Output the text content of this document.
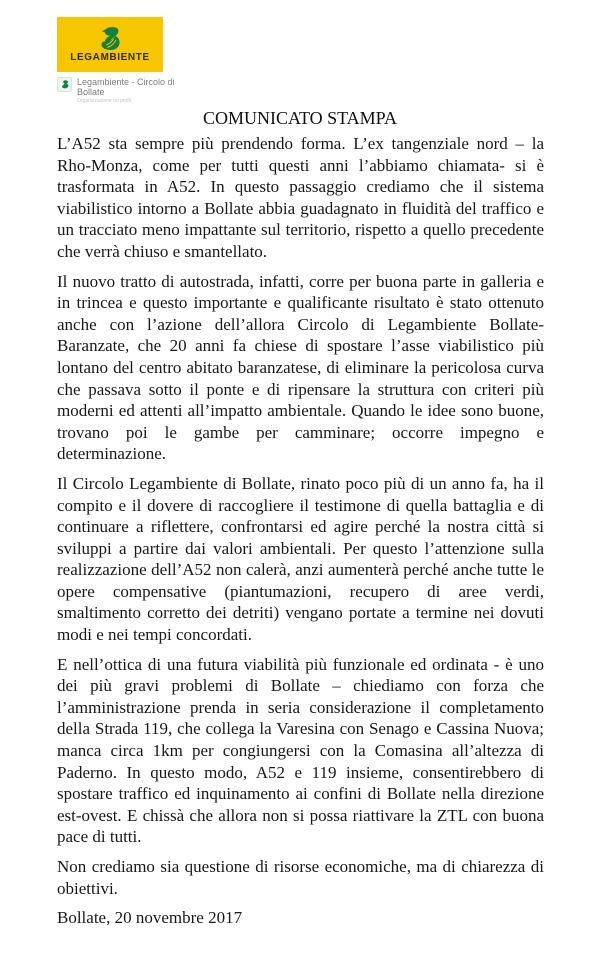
LEGAMBIENTE
Legambiente - Circolo di Bollate
Organizzazione no profit
COMUNICATO STAMPA

L’A52 sta sempre più prendendo forma. L’ex tangenziale nord – la Rho-Monza, come per tutti questi anni l’abbiamo chiamata- si è trasformata in A52. In questo passaggio crediamo che il sistema viabilistico intorno a Bollate abbia guadagnato in fluidità del traffico e un tracciato meno impattante sul territorio, rispetto a quello precedente che verrà chiuso e smantellato.

Il nuovo tratto di autostrada, infatti, corre per buona parte in galleria e in trincea e questo importante e qualificante risultato è stato ottenuto anche con l’azione dell’allora Circolo di Legambiente Bollate-Baranzate, che 20 anni fa chiese di spostare l’asse viabilistico più lontano del centro abitato baranzatese, di eliminare la pericolosa curva che passava sotto il ponte e di ripensare la struttura con criteri più moderni ed attenti all’impatto ambientale. Quando le idee sono buone, trovano poi le gambe per camminare; occorre impegno e determinazione.

Il Circolo Legambiente di Bollate, rinato poco più di un anno fa, ha il compito e il dovere di raccogliere il testimone di quella battaglia e di continuare a riflettere, confrontarsi ed agire perché la nostra città si sviluppi a partire dai valori ambientali. Per questo l’attenzione sulla realizzazione dell’A52 non calerà, anzi aumenterà perché anche tutte le opere compensative (piantumazioni, recupero di aree verdi, smaltimento corretto dei detriti) vengano portate a termine nei dovuti modi e nei tempi concordati.

E nell’ottica di una futura viabilità più funzionale ed ordinata - è uno dei più gravi problemi di Bollate – chiediamo con forza che l’amministrazione prenda in seria considerazione il completamento della Strada 119, che collega la Varesina con Senago e Cassina Nuova; manca circa 1km per congiungersi con la Comasina all’altezza di Paderno. In questo modo, A52 e 119 insieme, consentirebbero di spostare traffico ed inquinamento ai confini di Bollate nella direzione est-ovest. E chissà che allora non si possa riattivare la ZTL con buona pace di tutti.

Non crediamo sia questione di risorse economiche, ma di chiarezza di obiettivi.

Bollate, 20 novembre 2017
